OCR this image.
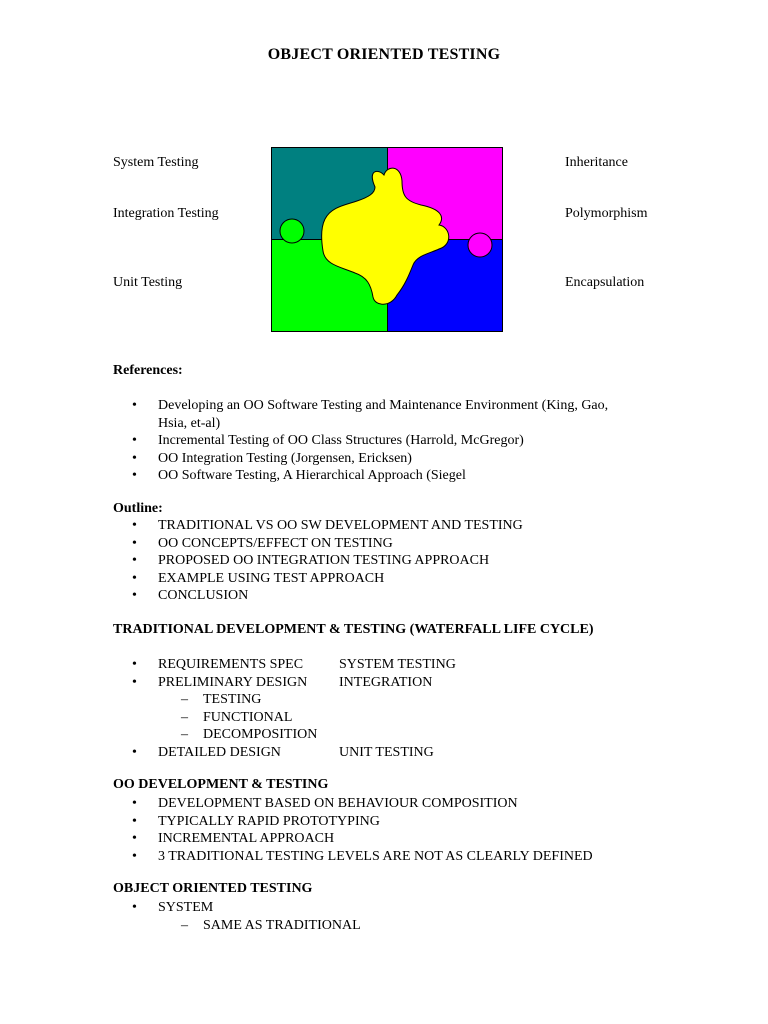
OBJECT ORIENTED TESTING
System Testing
Integration Testing
Unit Testing
Inheritance
Polymorphism
Encapsulation
References:
• Developing an OO Software Testing and Maintenance Environment (King, Gao,
Hsia, et-al)
• Incremental Testing of OO Class Structures (Harrold, McGregor)
• OO Integration Testing (Jorgensen, Ericksen)
• OO Software Testing, A Hierarchical Approach (Siegel
Outline:
• TRADITIONAL VS OO SW DEVELOPMENT AND TESTING
• OO CONCEPTS/EFFECT ON TESTING
• PROPOSED OO INTEGRATION TESTING APPROACH
• EXAMPLE USING TEST APPROACH
• CONCLUSION
TRADITIONAL DEVELOPMENT & TESTING (WATERFALL LIFE CYCLE)
• REQUIREMENTS SPEC	SYSTEM TESTING
• PRELIMINARY DESIGN INTEGRATION
– TESTING
– FUNCTIONAL
– DECOMPOSITION
• DETAILED DESIGN	UNIT TESTING
OO DEVELOPMENT & TESTING
• DEVELOPMENT BASED ON BEHAVIOUR COMPOSITION
• TYPICALLY RAPID PROTOTYPING
• INCREMENTAL APPROACH
• 3 TRADITIONAL TESTING LEVELS ARE NOT AS CLEARLY DEFINED
OBJECT ORIENTED TESTING
• SYSTEM
– SAME AS TRADITIONAL
